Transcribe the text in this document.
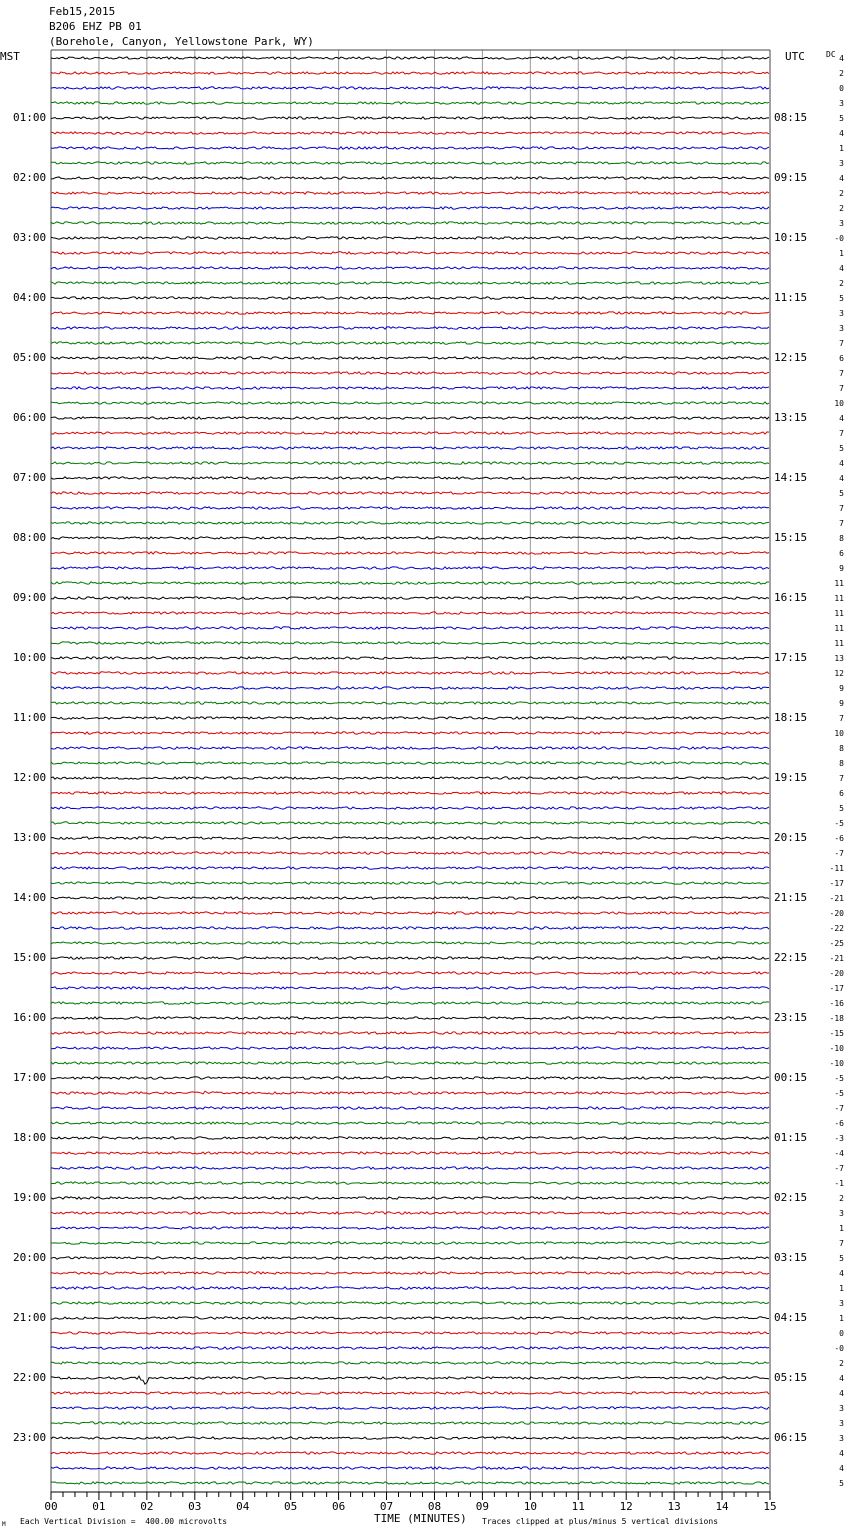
Feb15,2015
B206 EHZ PB 01
(Borehole, Canyon, Yellowstone Park, WY)
MST	UTC	DC
01:00
02:00
03:00
04:00
05:00
06:00
07:00
08:00
09:00
10:00
11:00
12:00
13:00
14:00
15:00
16:00
17:00
18:00
19:00
20:00
21:00
22:00
23:00
08:15
09:15
10:15
11:15
12:15
13:15
14:15
15:15
16:15
17:15
18:15
19:15
20:15
21:15
22:15
23:15
00:15
01:15
02:15
03:15
04:15
05:15
06:15
4
2
0
3
5
4
1
3
4
2
2
3
-0
1
4
2
5
3
3
7
6
7
7
10
4
7
5
4
4
5
7
7
8
6
9
11
11
11
11
11
13
12
9
9
7
10
8
8
7
6
5
-5
-6
-7
-11
-17
-21
-20
-22
-25
-21
-20
-17
-16
-18
-15
-10
-10
-5
-5
-7
-6
-3
-4
-7
-1
2
3
1
7
5
4
1
3
1
0
-0
2
4
4
3
3
3
4
4
5
00	01	02	03	04	05	06	07	08	09	10	11	12	13	14	15
TIME (MINUTES)
M Each Vertical Division =  400.00 microvolts	Traces clipped at plus/minus 5 vertical divisions
